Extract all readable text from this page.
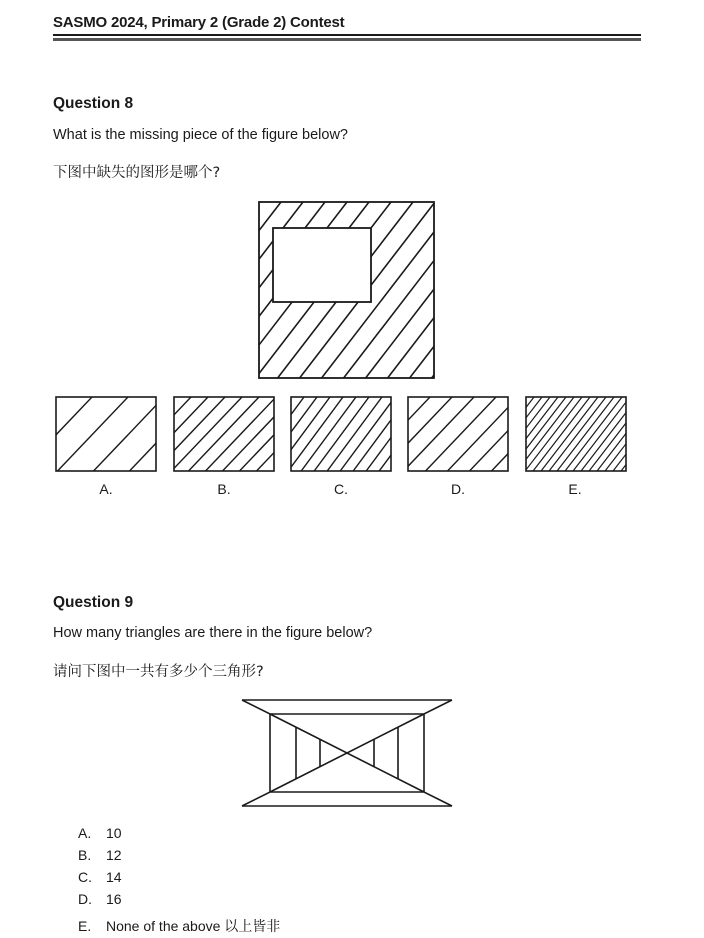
SASMO 2024, Primary 2 (Grade 2) Contest
Question 8
What is the missing piece of the figure below?
下图中缺失的图形是哪个?
A.	B.	C.	D.	E.
Question 9
How many triangles are there in the figure below?
请问下图中一共有多少个三角形?
A. 10
B. 12
C. 14
D. 16
E. None of the above 以上皆非
